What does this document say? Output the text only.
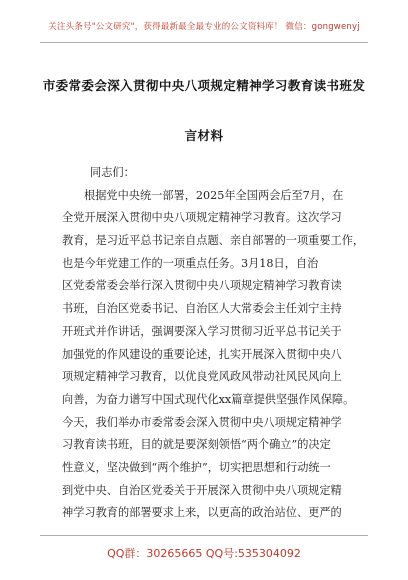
关注头条号"公文研究"，获得最新最全最专业的公文资料库！ 微信：gongwenyj
市委常委会深入贯彻中央八项规定精神学习教育读书班发
言材料
同志们：
根据党中央统一部署，2025年全国两会后至7月，在
全党开展深入贯彻中央八项规定精神学习教育。这次学习
教育，是习近平总书记亲自点题、亲自部署的一项重要工作，
也是今年党建工作的一项重点任务。3月18日，自治
区党委常委会举行深入贯彻中央八项规定精神学习教育读
书班，自治区党委书记、自治区人大常委会主任刘宁主持
开班式并作讲话，强调要深入学习贯彻习近平总书记关于
加强党的作风建设的重要论述，扎实开展深入贯彻中央八
项规定精神学习教育，以优良党风政风带动社风民风向上
向善，为奋力谱写中国式现代化xx篇章提供坚强作风保障。
今天，我们举办市委常委会深入贯彻中央八项规定精神学
习教育读书班，目的就是要深刻领悟“两个确立”的决定
性意义，坚决做到“两个维护”，切实把思想和行动统一
到党中央、自治区党委关于开展深入贯彻中央八项规定精
神学习教育的部署要求上来，以更高的政治站位、更严的
QQ群：30265665 QQ号:535304092
